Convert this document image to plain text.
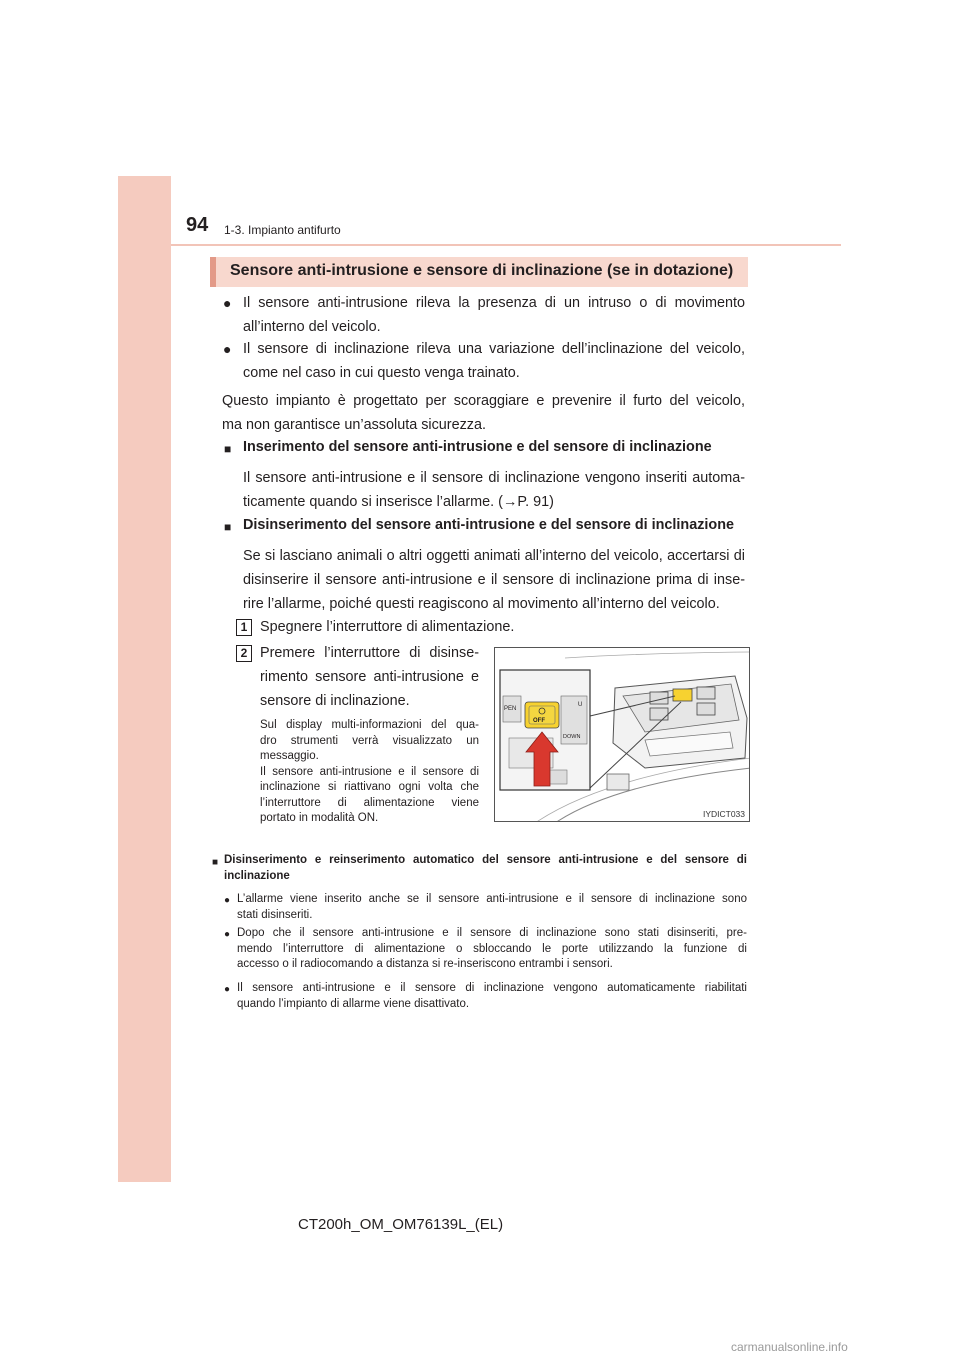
94 1-3. Impianto antifurto
Sensore anti-intrusione e sensore di inclinazione (se in dotazione)
● Il sensore anti-intrusione rileva la presenza di un intruso o di movimento
all’interno del veicolo.
● Il sensore di inclinazione rileva una variazione dell’inclinazione del veicolo,
come nel caso in cui questo venga trainato.
Questo impianto è progettato per scoraggiare e prevenire il furto del veicolo,
ma non garantisce un’assoluta sicurezza.
■ Inserimento del sensore anti-intrusione e del sensore di inclinazione
Il sensore anti-intrusione e il sensore di inclinazione vengono inseriti automa-
ticamente quando si inserisce l’allarme. (→P. 91)
■ Disinserimento del sensore anti-intrusione e del sensore di inclinazione
Se si lasciano animali o altri oggetti animati all’interno del veicolo, accertarsi di
disinserire il sensore anti-intrusione e il sensore di inclinazione prima di inse-
rire l’allarme, poiché questi reagiscono al movimento all’interno del veicolo.
1 Spegnere l’interruttore di alimentazione.
2 Premere l’interruttore di disinse-
rimento sensore anti-intrusione e
sensore di inclinazione.
Sul display multi-informazioni del qua-
dro strumenti verrà visualizzato un
messaggio.
Il sensore anti-intrusione e il sensore di
inclinazione si riattivano ogni volta che
l’interruttore di alimentazione viene
portato in modalità ON.
OFF
PEN
DOWN
U
IYDICT033
■ Disinserimento e reinserimento automatico del sensore anti-intrusione e del sensore di
inclinazione
● L’allarme viene inserito anche se il sensore anti-intrusione e il sensore di inclinazione sono
stati disinseriti.
● Dopo che il sensore anti-intrusione e il sensore di inclinazione sono stati disinseriti, pre-
mendo l’interruttore di alimentazione o sbloccando le porte utilizzando la funzione di
accesso o il radiocomando a distanza si re-inseriscono entrambi i sensori.
● Il sensore anti-intrusione e il sensore di inclinazione vengono automaticamente riabilitati
quando l’impianto di allarme viene disattivato.
CT200h_OM_OM76139L_(EL)
carmanualsonline.info
